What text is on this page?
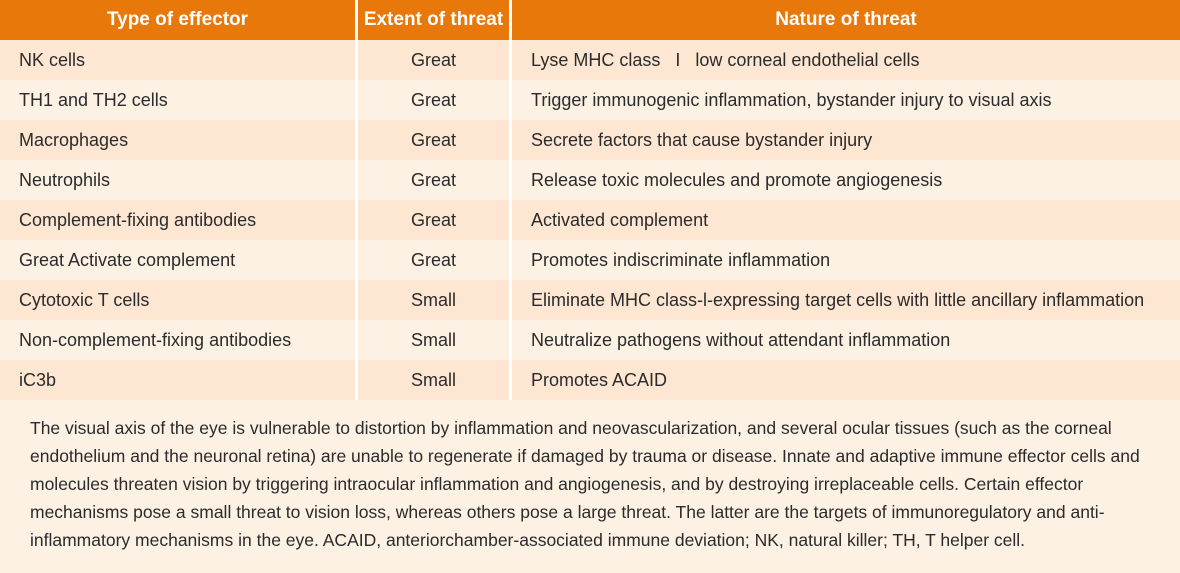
Type of effector	Extent of threat	Nature of threat
NK cells	Great	Lyse MHC class   I   low corneal endothelial cells
TH1 and TH2 cells	Great	Trigger immunogenic inflammation, bystander injury to visual axis
Macrophages	Great	Secrete factors that cause bystander injury
Neutrophils	Great	Release toxic molecules and promote angiogenesis
Complement-fixing antibodies	Great	Activated complement
Great Activate complement	Great	Promotes indiscriminate inflammation
Cytotoxic T cells	Small	Eliminate MHC class-l-expressing target cells with little ancillary inflammation
Non-complement-fixing antibodies	Small	Neutralize pathogens without attendant inflammation
iC3b	Small	Promotes ACAID

The visual axis of the eye is vulnerable to distortion by inflammation and neovascularization, and several ocular tissues (such as the corneal endothelium and the neuronal retina) are unable to regenerate if damaged by trauma or disease. Innate and adaptive immune effector cells and molecules threaten vision by triggering intraocular inflammation and angiogenesis, and by destroying irreplaceable cells. Certain effector mechanisms pose a small threat to vision loss, whereas others pose a large threat. The latter are the targets of immunoregulatory and anti-inflammatory mechanisms in the eye. ACAID, anteriorchamber-associated immune deviation; NK, natural killer; TH, T helper cell.
